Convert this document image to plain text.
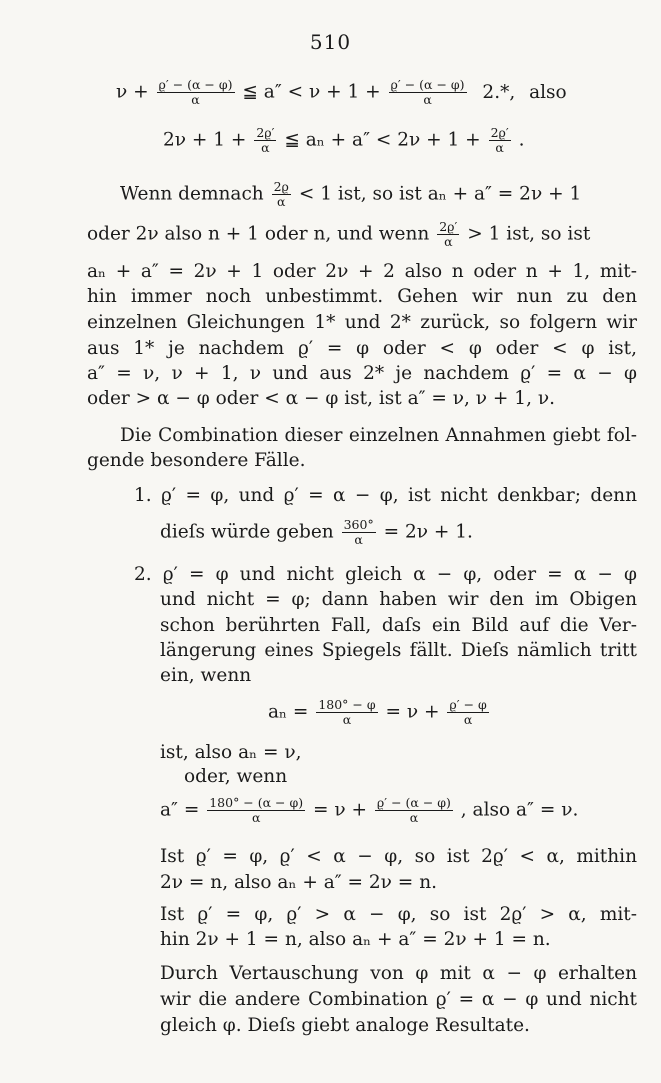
510
$\nu + \frac{ϱ' - (\alpha - \varphi)}{\alpha}$ ≦ $a'' < \nu + 1 + \frac{ϱ' - (\alpha - \varphi)}{\alpha} 2.*$, also
$2\nu + 1 + \frac{2ϱ'}{\alpha}$ ≦ $a_n + a'' < 2\nu + 1 + \frac{2ϱ'}{\alpha}$ .
Wenn demnach $\frac{2ϱ}{\alpha} < 1$ ist, so ist aₙ + a″ = 2ν + 1
oder 2ν also n + 1 oder n, und wenn $\frac{2ϱ'}{\alpha} > 1$ ist, so ist
aₙ + a″ = 2ν + 1 oder 2ν + 2 also n oder n + 1, mit-
hin immer noch unbestimmt. Gehen wir nun zu den
einzelnen Gleichungen 1* und 2* zurück, so folgern wir
aus 1* je nachdem ϱ′ = φ oder < φ oder < φ ist,
a″ = ν, ν + 1, ν und aus 2* je nachdem ϱ′ = α − φ
oder > α − φ oder < α − φ ist, ist a″ = ν, ν + 1, ν.
Die Combination dieser einzelnen Annahmen giebt fol-
gende besondere Fälle.
1. ϱ′ = φ, und ϱ′ = α − φ, ist nicht denkbar; denn
dieſs würde geben $\frac{360^\circ}{\alpha} = 2\nu + 1$.
2. ϱ′ = φ und nicht gleich α − φ, oder = α − φ
und nicht = φ; dann haben wir den im Obigen
schon berührten Fall, daſs ein Bild auf die Ver-
längerung eines Spiegels fällt. Dieſs nämlich tritt
ein, wenn
$a_n = \frac{180^\circ - \varphi}{\alpha} = \nu + \frac{ϱ' - \varphi}{\alpha}$
ist, also aₙ = ν,
oder, wenn
$a'' = \frac{180^\circ - (\alpha - \varphi)}{\alpha} = \nu + \frac{ϱ' - (\alpha - \varphi)}{\alpha}$ , also a″ = ν.
Ist ϱ′ = φ, ϱ′ < α − φ, so ist 2ϱ′ < α, mithin
2ν = n, also aₙ + a″ = 2ν = n.
Ist ϱ′ = φ, ϱ′ > α − φ, so ist 2ϱ′ > α, mit-
hin 2ν + 1 = n, also aₙ + a″ = 2ν + 1 = n.
Durch Vertauschung von φ mit α − φ erhalten
wir die andere Combination ϱ′ = α − φ und nicht
gleich φ. Dieſs giebt analoge Resultate.
